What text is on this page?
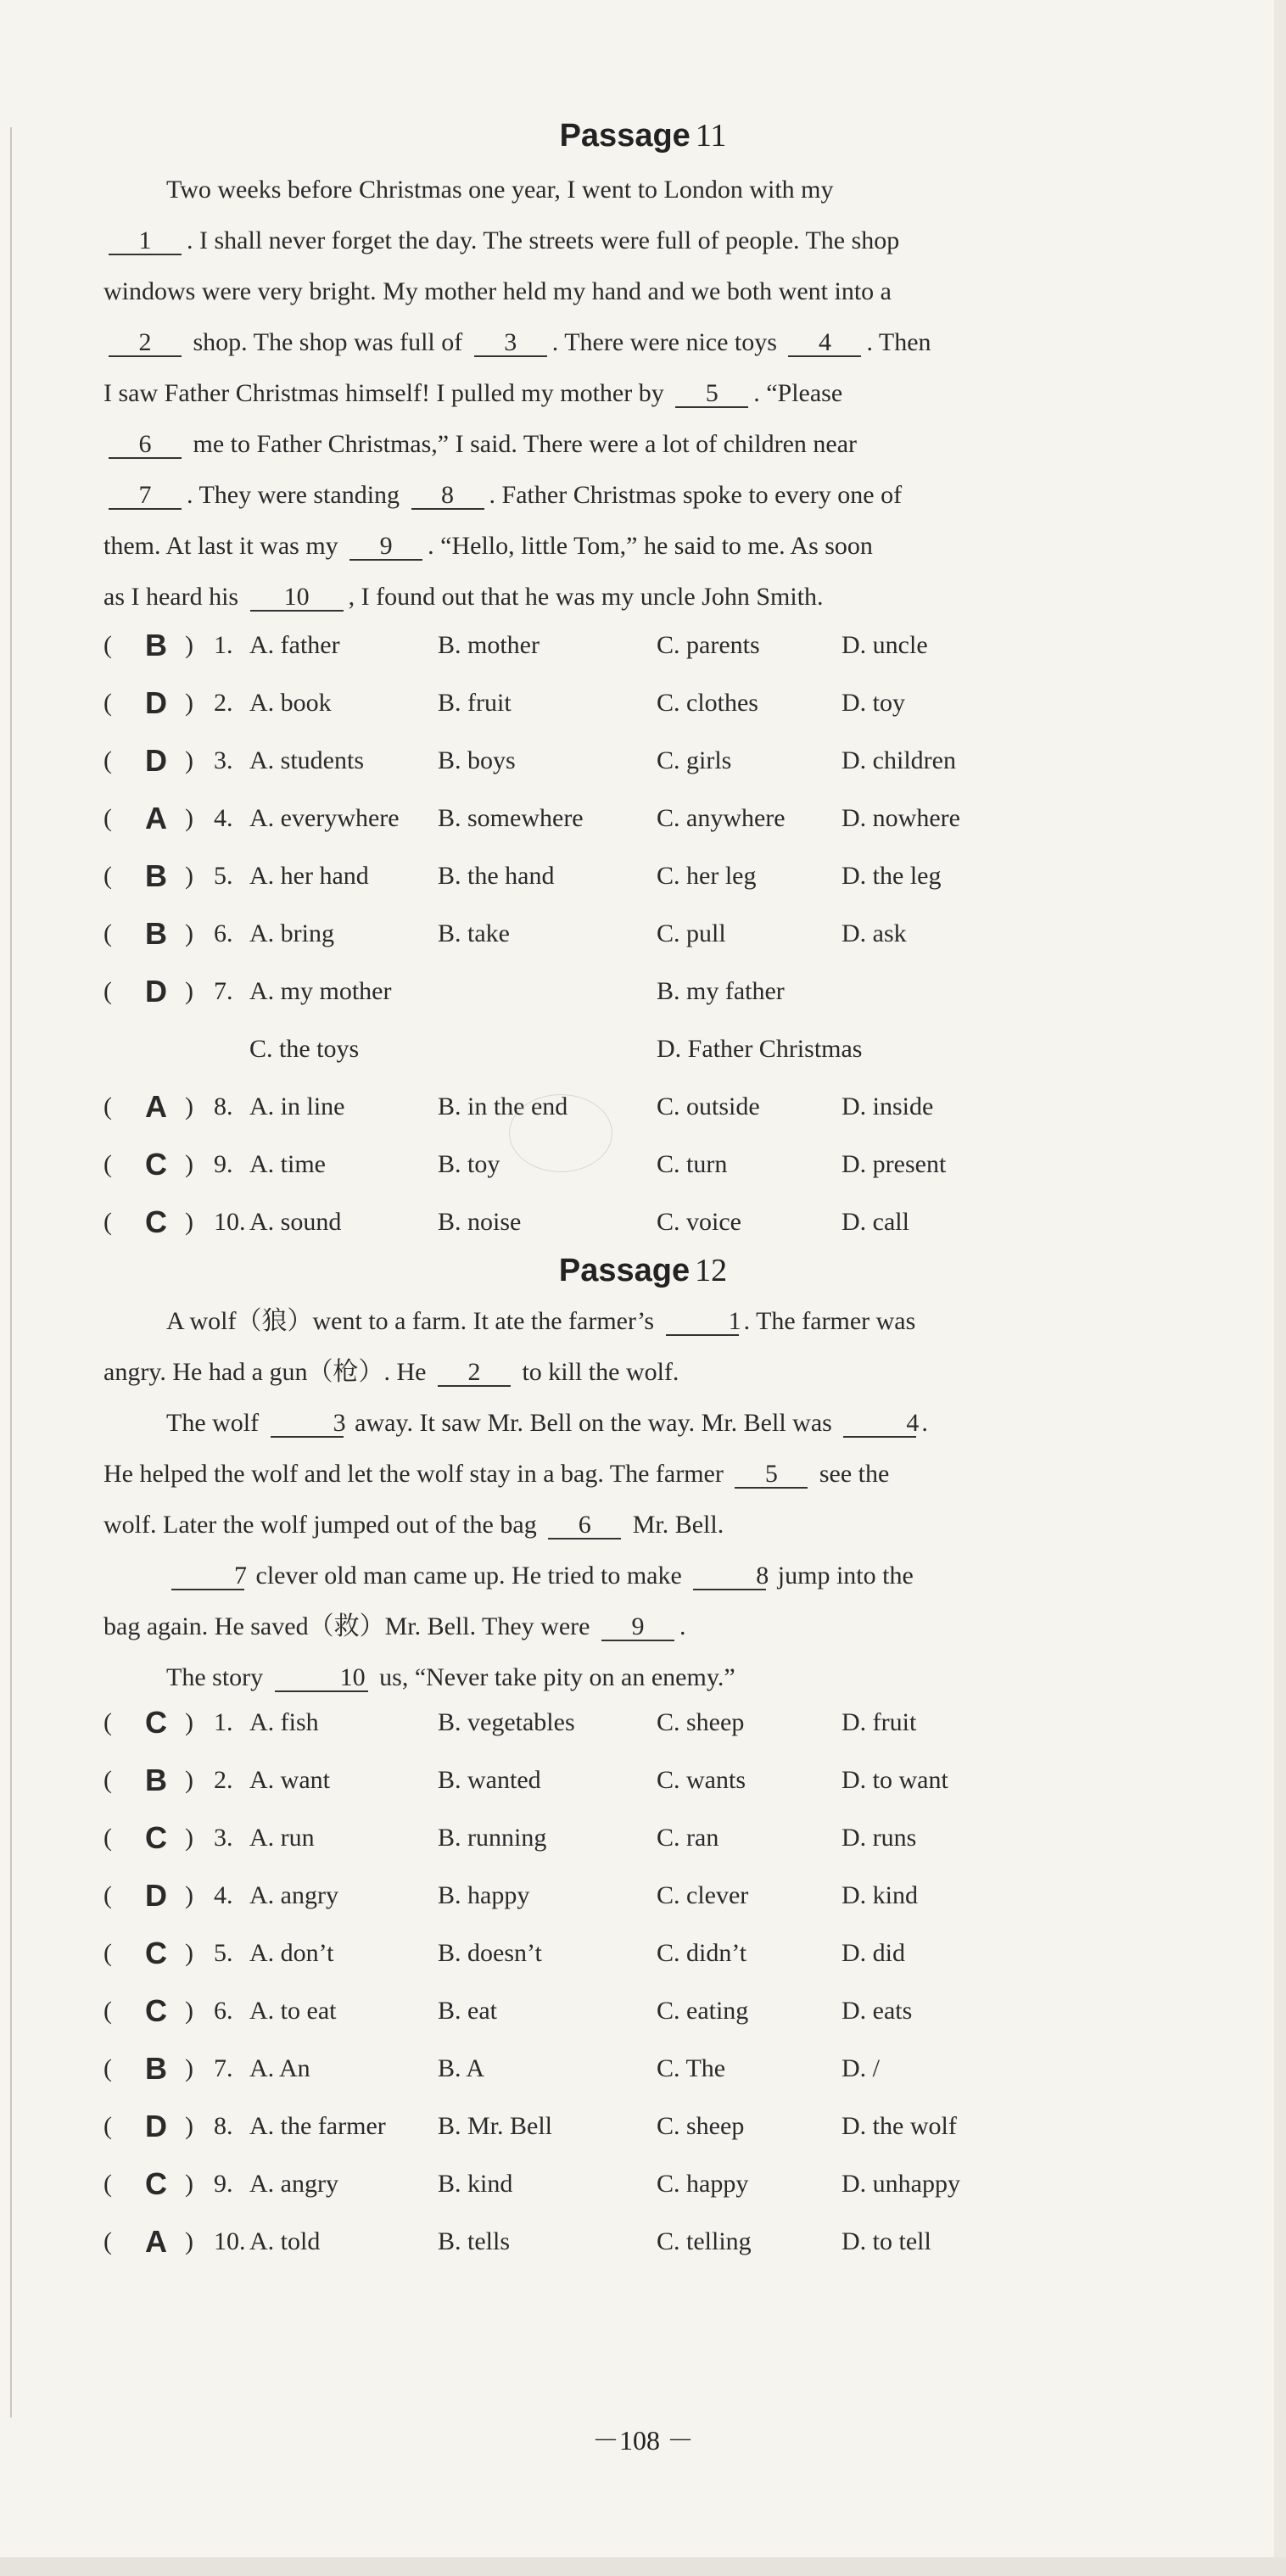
Passage 11
Two weeks before Christmas one year, I went to London with my
1 . I shall never forget the day. The streets were full of people. The shop
windows were very bright. My mother held my hand and we both went into a
2 shop. The shop was full of 3 . There were nice toys 4 . Then
I saw Father Christmas himself! I pulled my mother by 5 . “Please
6 me to Father Christmas,” I said. There were a lot of children near
7 . They were standing 8 . Father Christmas spoke to every one of
them. At last it was my 9 . “Hello, little Tom,” he said to me. As soon
as I heard his 10 , I found out that he was my uncle John Smith.
( B ) 1. A. father	B. mother	C. parents	D. uncle
( D ) 2. A. book	B. fruit	C. clothes	D. toy
( D ) 3. A. students	B. boys	C. girls	D. children
( A ) 4. A. everywhere B. somewhere	C. anywhere D. nowhere
( B ) 5. A. her hand	B. the hand	C. her leg	D. the leg
( B ) 6. A. bring	B. take	C. pull	D. ask
( D ) 7. A. my mother	B. my father
C. the toys	D. Father Christmas
( A ) 8. A. in line	B. in the end	C. outside	D. inside
( C ) 9. A. time	B. toy	C. turn	D. present
( C ) 10. A. sound	B. noise	C. voice	D. call
Passage 12
A wolf（狼）went to a farm. It ate the farmer’s	1 . The farmer was
angry. He had a gun（枪）. He 2 to kill the wolf.
The wolf	3 away. It saw Mr. Bell on the way. Mr. Bell was	4 .
He helped the wolf and let the wolf stay in a bag. The farmer 5 see the
wolf. Later the wolf jumped out of the bag 6 Mr. Bell.
7 clever old man came up. He tried to make	8 jump into the
bag again. He saved（救）Mr. Bell. They were 9 .
The story	10 us, “Never take pity on an enemy.”
( C ) 1. A. fish	B. vegetables	C. sheep	D. fruit
( B ) 2. A. want	B. wanted	C. wants	D. to want
( C ) 3. A. run	B. running	C. ran	D. runs
( D ) 4. A. angry	B. happy	C. clever	D. kind
( C ) 5. A. don’t	B. doesn’t	C. didn’t	D. did
( C ) 6. A. to eat	B. eat	C. eating	D. eats
( B ) 7. A. An	B. A	C. The	D. /
( D ) 8. A. the farmer B. Mr. Bell	C. sheep	D. the wolf
( C ) 9. A. angry	B. kind	C. happy	D. unhappy
( A ) 10. A. told	B. tells	C. telling	D. to tell
－108 －
